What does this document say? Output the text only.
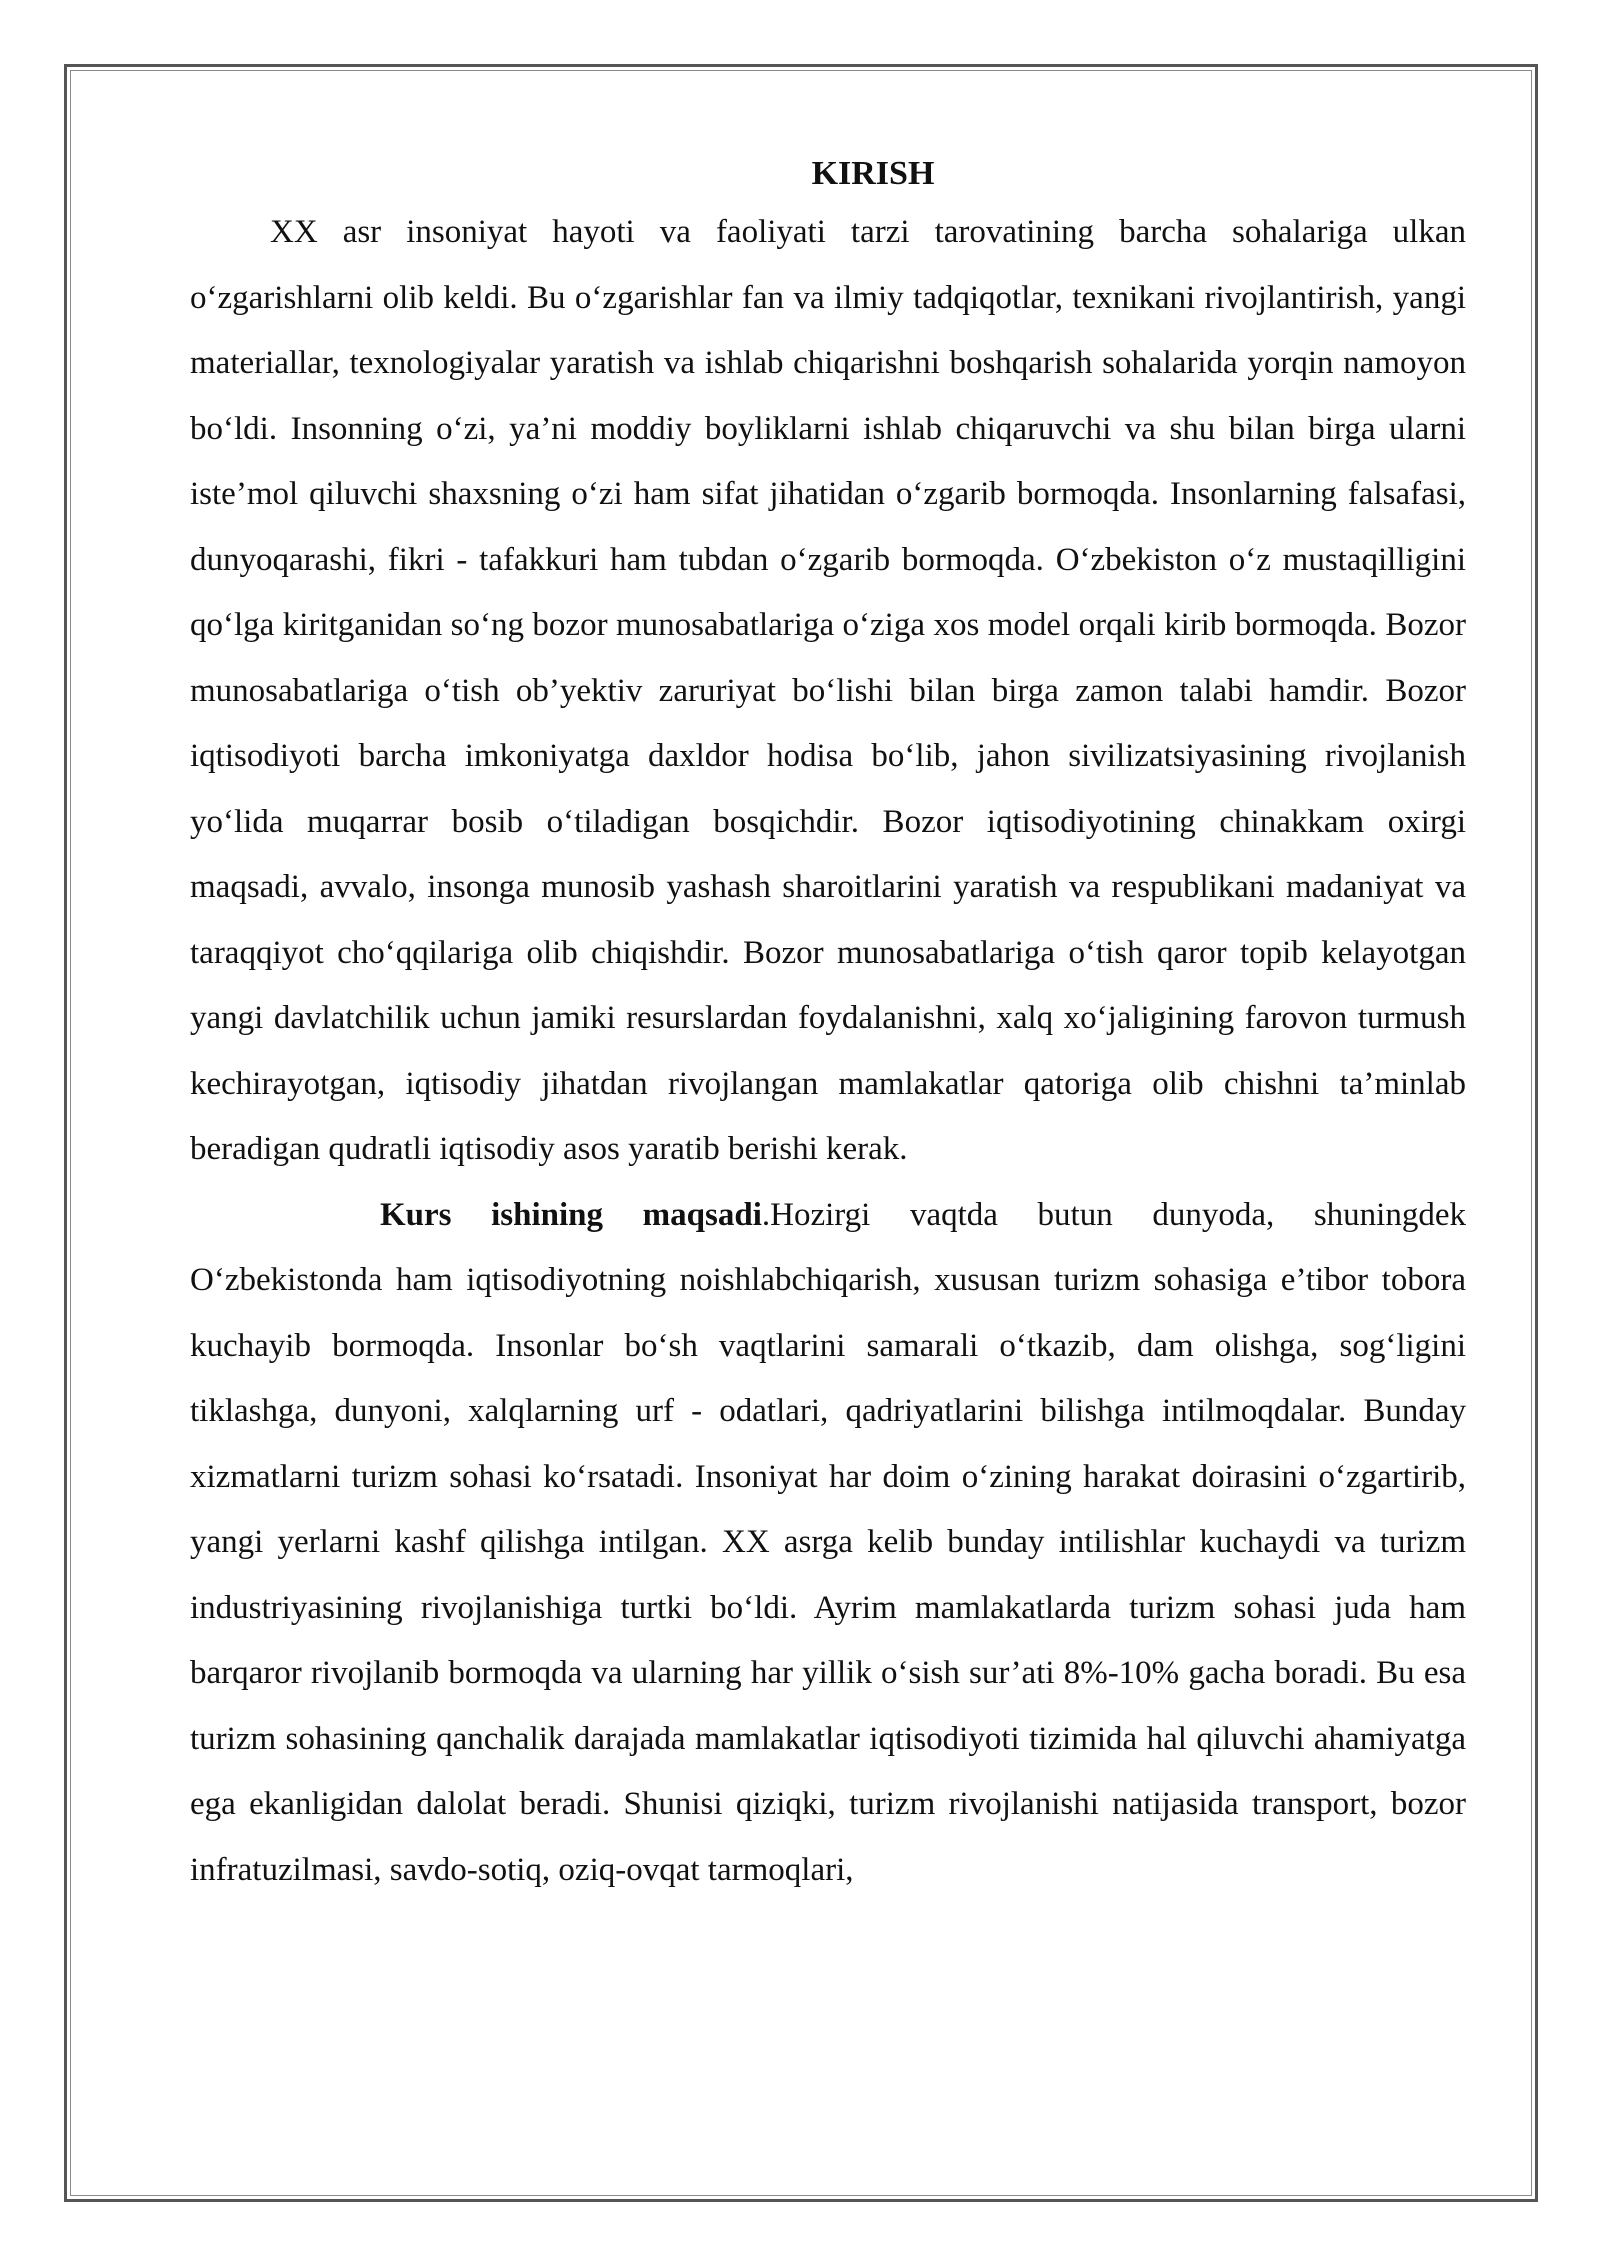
KIRISH

XX asr insoniyat hayoti va faoliyati tarzi tarovatining barcha sohalariga ulkan o‘zgarishlarni olib keldi. Bu o‘zgarishlar fan va ilmiy tadqiqotlar, texnikani rivojlantirish, yangi materiallar, texnologiyalar yaratish va ishlab chiqarishni boshqarish sohalarida yorqin namoyon bo‘ldi. Insonning o‘zi, ya’ni moddiy boyliklarni ishlab chiqaruvchi va shu bilan birga ularni iste’mol qiluvchi shaxsning o‘zi ham sifat jihatidan o‘zgarib bormoqda. Insonlarning falsafasi, dunyoqarashi, fikri - tafakkuri ham tubdan o‘zgarib bormoqda. O‘zbekiston o‘z mustaqilligini qo‘lga kiritganidan so‘ng bozor munosabatlariga o‘ziga xos model orqali kirib bormoqda. Bozor munosabatlariga o‘tish ob’yektiv zaruriyat bo‘lishi bilan birga zamon talabi hamdir. Bozor iqtisodiyoti barcha imkoniyatga daxldor hodisa bo‘lib, jahon sivilizatsiyasining rivojlanish yo‘lida muqarrar bosib o‘tiladigan bosqichdir. Bozor iqtisodiyotining chinakkam oxirgi maqsadi, avvalo, insonga munosib yashash sharoitlarini yaratish va respublikani madaniyat va taraqqiyot cho‘qqilariga olib chiqishdir. Bozor munosabatlariga o‘tish qaror topib kelayotgan yangi davlatchilik uchun jamiki resurslardan foydalanishni, xalq xo‘jaligining farovon turmush kechirayotgan, iqtisodiy jihatdan rivojlangan mamlakatlar qatoriga olib chishni ta’minlab beradigan qudratli iqtisodiy asos yaratib berishi kerak.

Kurs ishining maqsadi.Hozirgi vaqtda butun dunyoda, shuningdek O‘zbekistonda ham iqtisodiyotning noishlabchiqarish, xususan turizm sohasiga e’tibor tobora kuchayib bormoqda. Insonlar bo‘sh vaqtlarini samarali o‘tkazib, dam olishga, sog‘ligini tiklashga, dunyoni, xalqlarning urf - odatlari, qadriyatlarini bilishga intilmoqdalar. Bunday xizmatlarni turizm sohasi ko‘rsatadi. Insoniyat har doim o‘zining harakat doirasini o‘zgartirib, yangi yerlarni kashf qilishga intilgan. XX asrga kelib bunday intilishlar kuchaydi va turizm industriyasining rivojlanishiga turtki bo‘ldi. Ayrim mamlakatlarda turizm sohasi juda ham barqaror rivojlanib bormoqda va ularning har yillik o‘sish sur’ati 8%-10% gacha boradi. Bu esa turizm sohasining qanchalik darajada mamlakatlar iqtisodiyoti tizimida hal qiluvchi ahamiyatga ega ekanligidan dalolat beradi. Shunisi qiziqki, turizm rivojlanishi natijasida transport, bozor infratuzilmasi, savdo-sotiq, oziq-ovqat tarmoqlari,
